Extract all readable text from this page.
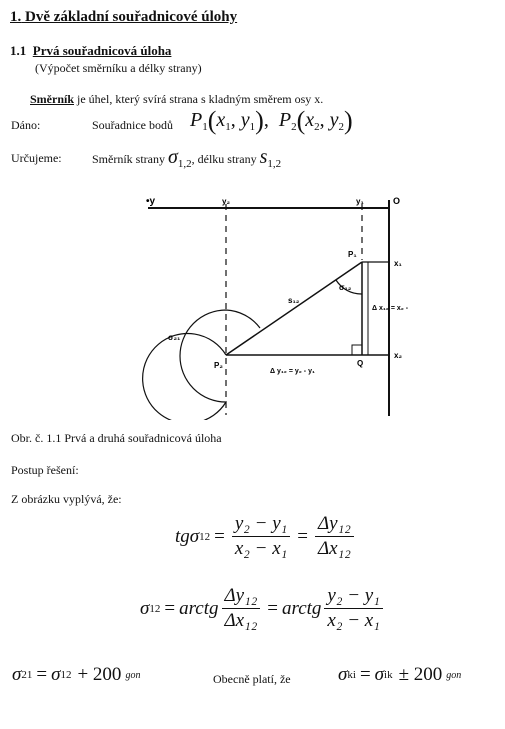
1. Dvě základní souřadnicové úlohy
1.1 Prvá souřadnicová úloha
(Výpočet směrníku a délky strany)
Směrník je úhel, který svírá strana s kladným směrem osy x.
Dáno:	Souřadnice bodů $P_1(x_1$, $y_1$),  $P_2(x_2$, $y_2$)
Určujeme:	Směrník strany
$\sigma_{1,2}$ , délku strany
$s_{1,2}$
•y	y₂	y₁	O
P₁
P₂	Q
x₁
x₂
s₁₂
σ₁₂
σ₂₁
Δ x₁₂ = x₂ -
Δ y₁₂ = y₂ - y₁
Obr. č. 1.1 Prvá a druhá souřadnicová úloha
Postup řešení:
Z obrázku vyplývá, že:
tgσ $12 = \frac{\text{y₂ − y₁}}{\text{x₂ − x₁}} = \frac{\text{Δy₁₂}}{\text{Δx₁₂}}$
σ 12 = arctg $\frac{\text{Δy₁₂}}{\text{Δx₁₂}}$ = arctg $\frac{\text{y₂ − y₁}}{\text{x₂ − x₁}}$
σ 21 = σ 12 + 200 gon	Obecně platí, že σ ki = σ ik ± 200 gon
